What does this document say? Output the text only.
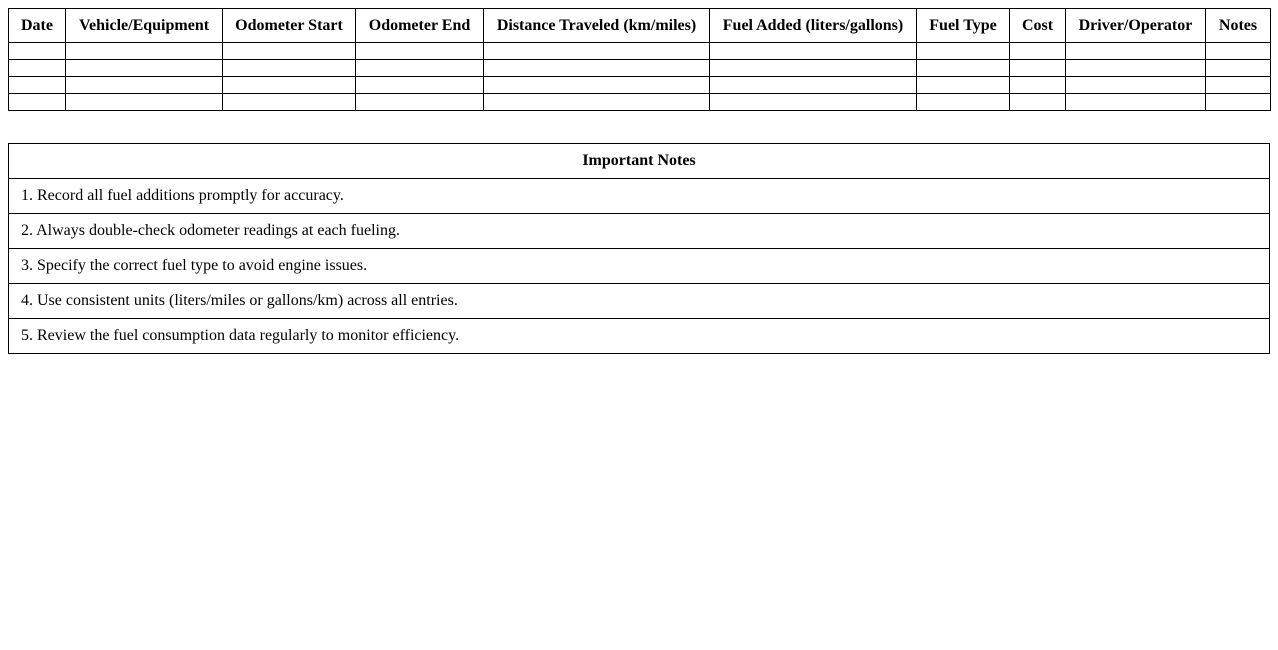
Date	Vehicle/Equipment	Odometer Start	Odometer End	Distance Traveled (km/miles)	Fuel Added (liters/gallons)	Fuel Type	Cost	Driver/Operator	Notes

Important Notes
1. Record all fuel additions promptly for accuracy.
2. Always double-check odometer readings at each fueling.
3. Specify the correct fuel type to avoid engine issues.
4. Use consistent units (liters/miles or gallons/km) across all entries.
5. Review the fuel consumption data regularly to monitor efficiency.
